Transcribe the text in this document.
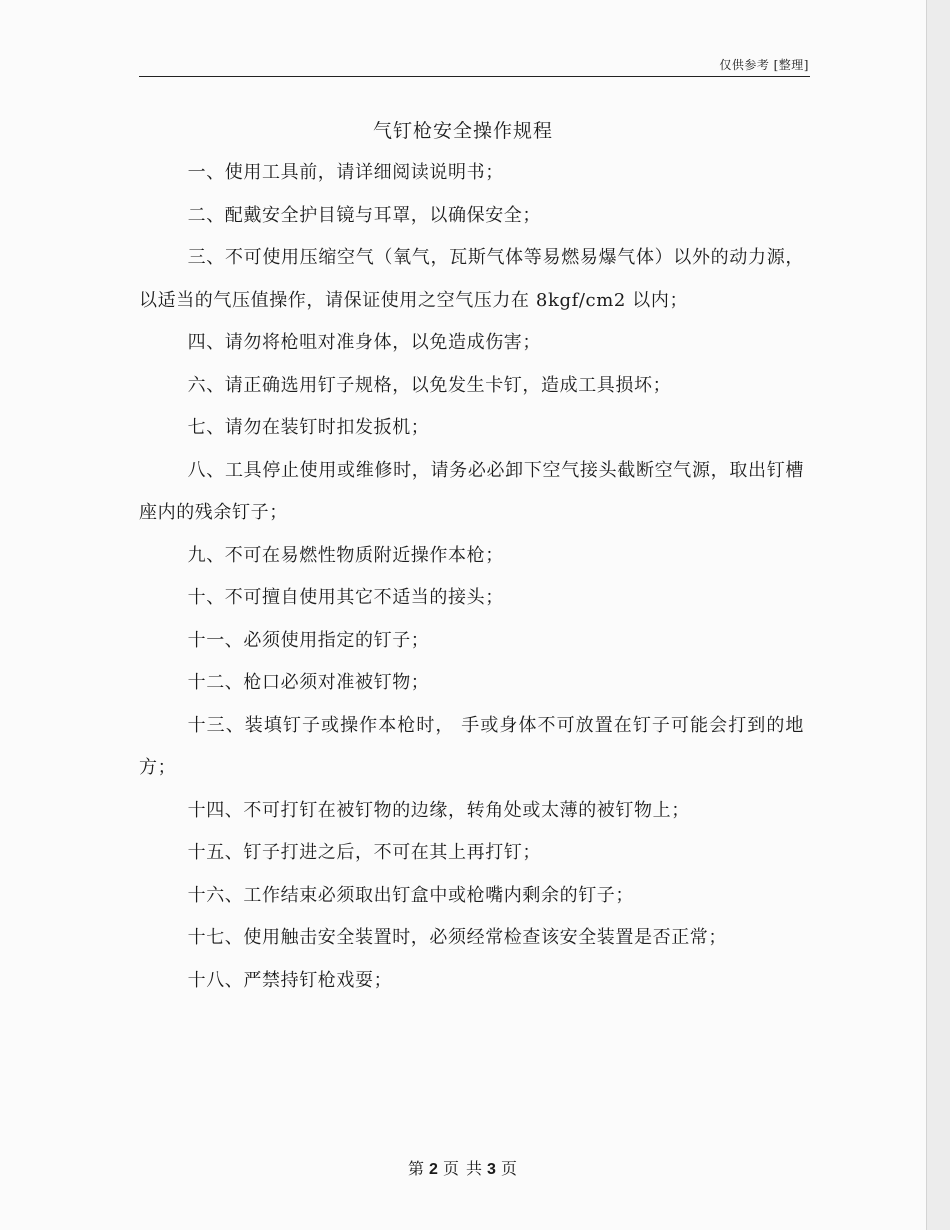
仅供参考 [整理]
气钉枪安全操作规程

一、使用工具前，请详细阅读说明书；

二、配戴安全护目镜与耳罩，以确保安全；

三、不可使用压缩空气（氧气，瓦斯气体等易燃易爆气体）以外的动力源，以适当的气压值操作，请保证使用之空气压力在 8kgf/cm2 以内；

四、请勿将枪咀对准身体，以免造成伤害；

六、请正确选用钉子规格，以免发生卡钉，造成工具损坏；

七、请勿在装钉时扣发扳机；

八、工具停止使用或维修时，请务必必卸下空气接头截断空气源，取出钉槽座内的残余钉子；

九、不可在易燃性物质附近操作本枪；

十、不可擅自使用其它不适当的接头；

十一、必须使用指定的钉子；

十二、枪口必须对准被钉物；

十三、装填钉子或操作本枪时， 手或身体不可放置在钉子可能会打到的地方；

十四、不可打钉在被钉物的边缘，转角处或太薄的被钉物上；

十五、钉子打进之后，不可在其上再打钉；

十六、工作结束必须取出钉盒中或枪嘴内剩余的钉子；

十七、使用触击安全装置时，必须经常检查该安全装置是否正常；

十八、严禁持钉枪戏耍；

第 2 页 共 3 页
